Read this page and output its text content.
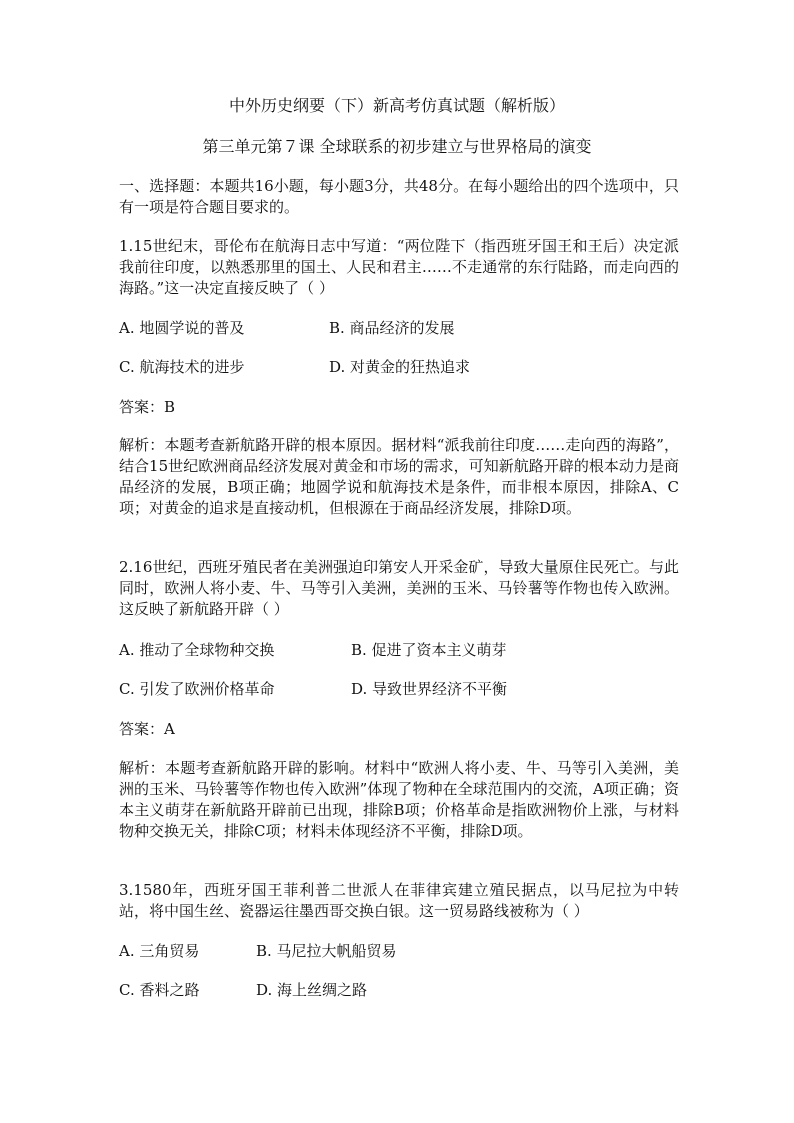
中外历史纲要（下）新高考仿真试题（解析版）
第三单元第７课 全球联系的初步建立与世界格局的演变
一、选择题：本题共16小题，每小题3分，共48分。在每小题给出的四个选项中，只有一项是符合题目要求的。
1.15世纪末，哥伦布在航海日志中写道：“两位陛下（指西班牙国王和王后）决定派我前往印度，以熟悉那里的国土、人民和君主……不走通常的东行陆路，而走向西的海路。”这一决定直接反映了（ ）
A. 地圆学说的普及	B. 商品经济的发展
C. 航海技术的进步	D. 对黄金的狂热追求
答案：B
解析：本题考查新航路开辟的根本原因。据材料“派我前往印度……走向西的海路”，结合15世纪欧洲商品经济发展对黄金和市场的需求，可知新航路开辟的根本动力是商品经济的发展，B项正确；地圆学说和航海技术是条件，而非根本原因，排除A、C项；对黄金的追求是直接动机，但根源在于商品经济发展，排除D项。
2.16世纪，西班牙殖民者在美洲强迫印第安人开采金矿，导致大量原住民死亡。与此同时，欧洲人将小麦、牛、马等引入美洲，美洲的玉米、马铃薯等作物也传入欧洲。这反映了新航路开辟（ ）
A. 推动了全球物种交换	B. 促进了资本主义萌芽
C. 引发了欧洲价格革命	D. 导致世界经济不平衡
答案：A
解析：本题考查新航路开辟的影响。材料中“欧洲人将小麦、牛、马等引入美洲，美洲的玉米、马铃薯等作物也传入欧洲”体现了物种在全球范围内的交流，A项正确；资本主义萌芽在新航路开辟前已出现，排除B项；价格革命是指欧洲物价上涨，与材料物种交换无关，排除C项；材料未体现经济不平衡，排除D项。
3.1580年，西班牙国王菲利普二世派人在菲律宾建立殖民据点，以马尼拉为中转站，将中国生丝、瓷器运往墨西哥交换白银。这一贸易路线被称为（ ）
A. 三角贸易	B. 马尼拉大帆船贸易
C. 香料之路	D. 海上丝绸之路
